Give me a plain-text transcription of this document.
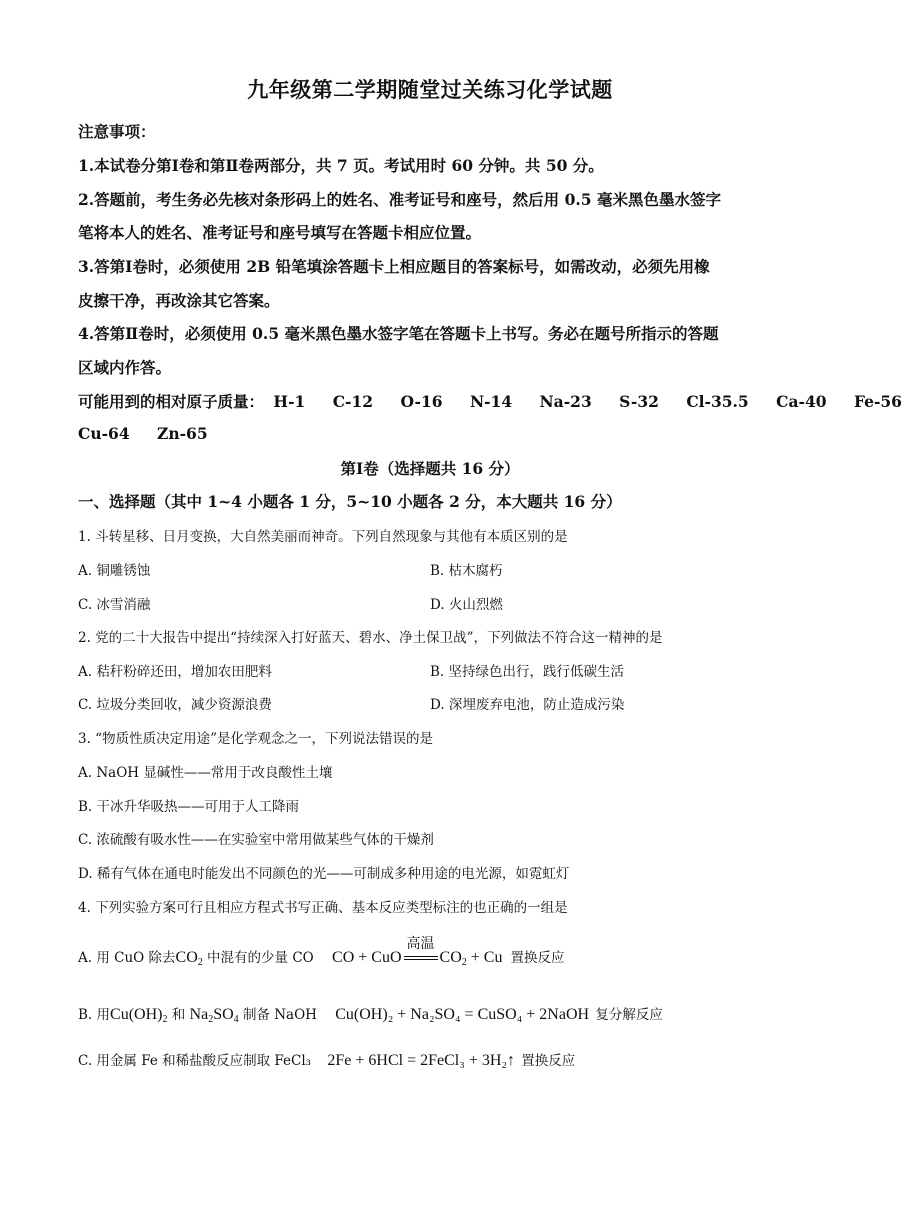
九年级第二学期随堂过关练习化学试题
注意事项：
1.本试卷分第Ⅰ卷和第Ⅱ卷两部分，共 7 页。考试用时 60 分钟。共 50 分。
2.答题前，考生务必先核对条形码上的姓名、准考证号和座号，然后用 0.5 毫米黑色墨水签字
笔将本人的姓名、准考证号和座号填写在答题卡相应位置。
3.答第Ⅰ卷时，必须使用 2B 铅笔填涂答题卡上相应题目的答案标号，如需改动，必须先用橡
皮擦干净，再改涂其它答案。
4.答第Ⅱ卷时，必须使用 0.5 毫米黑色墨水签字笔在答题卡上书写。务必在题号所指示的答题
区域内作答。
可能用到的相对原子质量： H-1 C-12 O-16 N-14 Na-23 S-32 Cl-35.5 Ca-40 Fe-56
Cu-64 Zn-65
第Ⅰ卷（选择题共 16 分）
一、选择题（其中 1~4 小题各 1 分，5~10 小题各 2 分，本大题共 16 分）
1. 斗转星移、日月变换，大自然美丽而神奇。下列自然现象与其他有本质区别的是
A. 铜雕锈蚀	B. 枯木腐朽
C. 冰雪消融	D. 火山烈燃
2. 党的二十大报告中提出“持续深入打好蓝天、碧水、净土保卫战”，下列做法不符合这一精神的是
A. 秸秆粉碎还田，增加农田肥料	B. 坚持绿色出行，践行低碳生活
C. 垃圾分类回收，减少资源浪费	D. 深埋废弃电池，防止造成污染
3. “物质性质决定用途”是化学观念之一，下列说法错误的是
A. NaOH 显碱性——常用于改良酸性土壤
B. 干冰升华吸热——可用于人工降雨
C. 浓硫酸有吸水性——在实验室中常用做某些气体的干燥剂
D. 稀有气体在通电时能发出不同颜色的光——可制成多种用途的电光源，如霓虹灯
4. 下列实验方案可行且相应方程式书写正确、基本反应类型标注的也正确的一组是
A. 用 CuO 除去$CO_2$ 中混有的少量 CO CO + CuO
高温
$CO_2 + Cu$ 置换反应
B. 用$Cu(OH)_2$ 和 $Na_2SO_4$ 制备 NaOH Cu(OH)₂ + Na₂SO₄ = CuSO₄ + 2NaOH 复分解反应
C. 用金属 Fe 和稀盐酸反应制取 FeCl₃ 2Fe + 6HCl = 2FeCl₃ + 3H₂↑ 置换反应
